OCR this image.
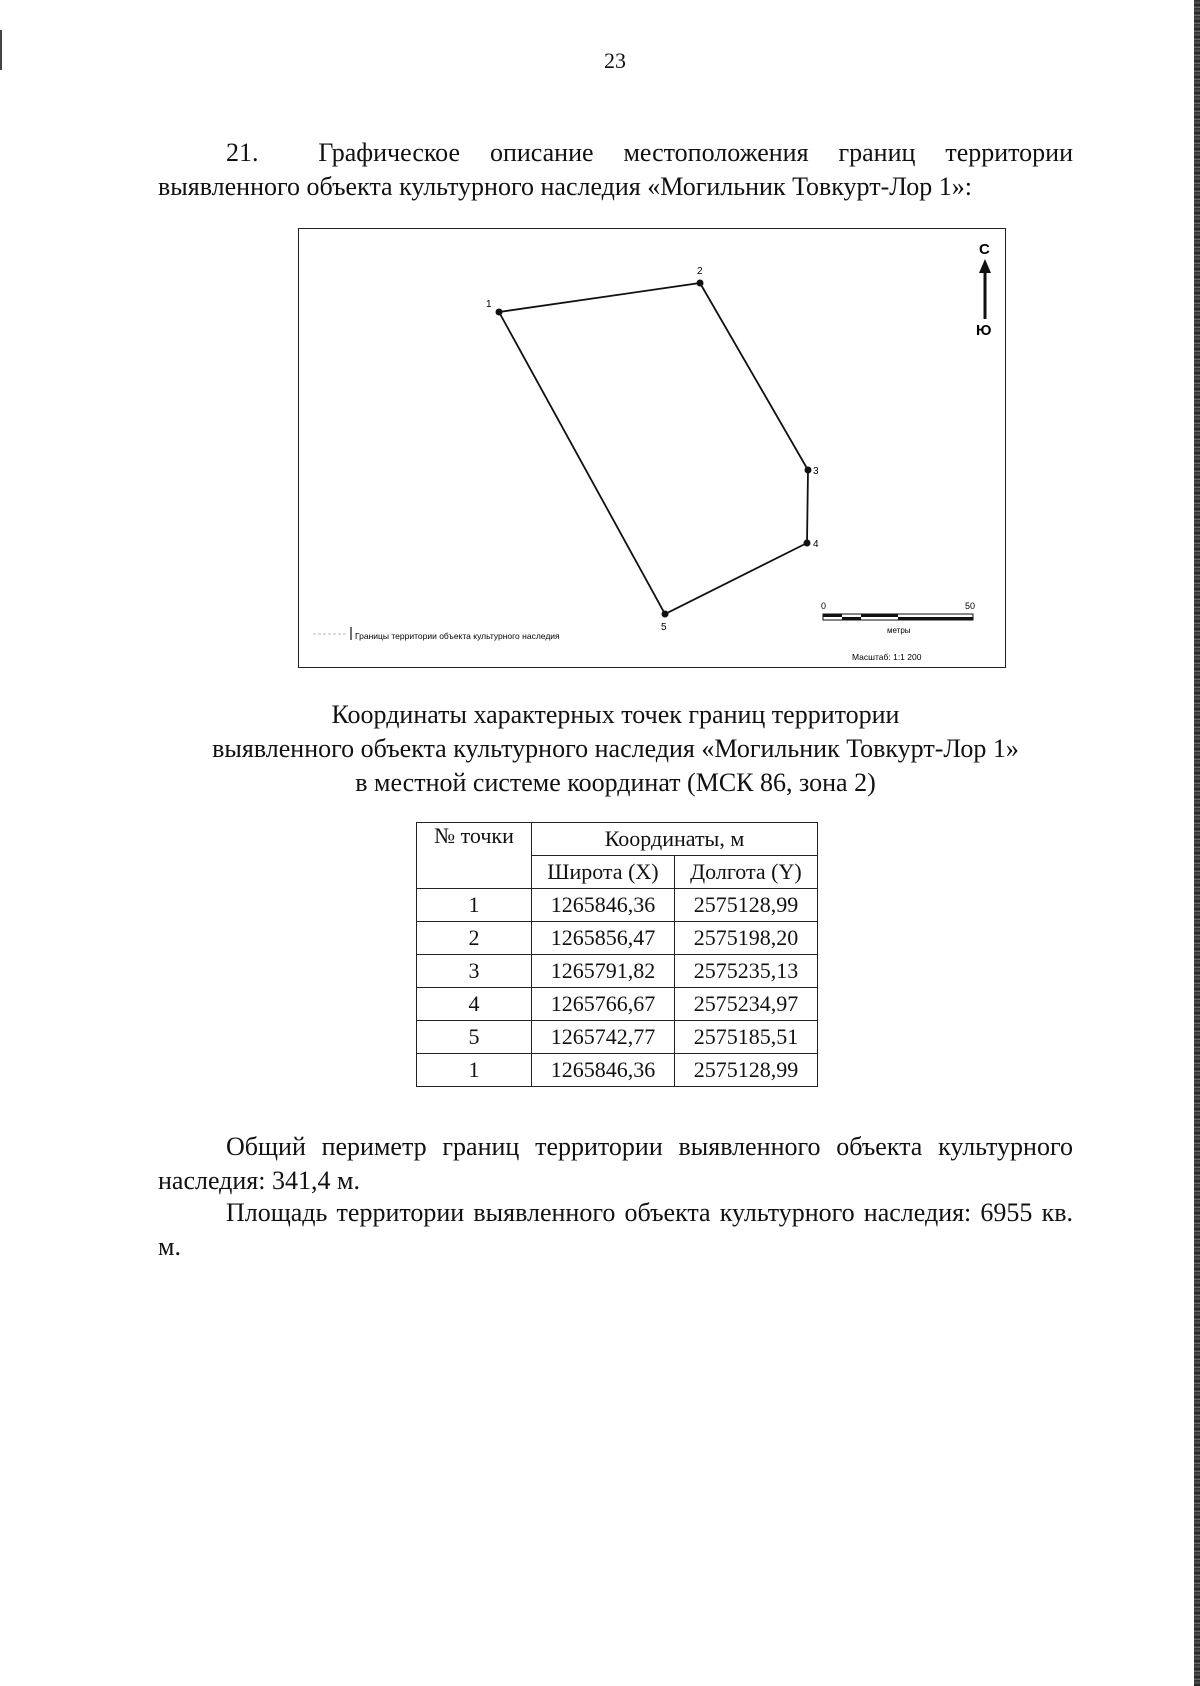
23
21. Графическое описание местоположения границ территории выявленного объекта культурного наследия «Могильник Товкурт-Лор 1»:
1
2
3
4
5
С
Ю
Границы территории объекта культурного наследия
0	50
метры
Масштаб: 1:1 200
Координаты характерных точек границ территории
выявленного объекта культурного наследия «Могильник Товкурт-Лор 1»
в местной системе координат (МСК 86, зона 2)
№ точки	Координаты, м	
	Широта (X)	Долгота (Y)
1	1265846,36	2575128,99
2	1265856,47	2575198,20
3	1265791,82	2575235,13
4	1265766,67	2575234,97
5	1265742,77	2575185,51
1	1265846,36	2575128,99
Общий периметр границ территории выявленного объекта культурного наследия: 341,4 м.
Площадь территории выявленного объекта культурного наследия: 6955 кв. м.
